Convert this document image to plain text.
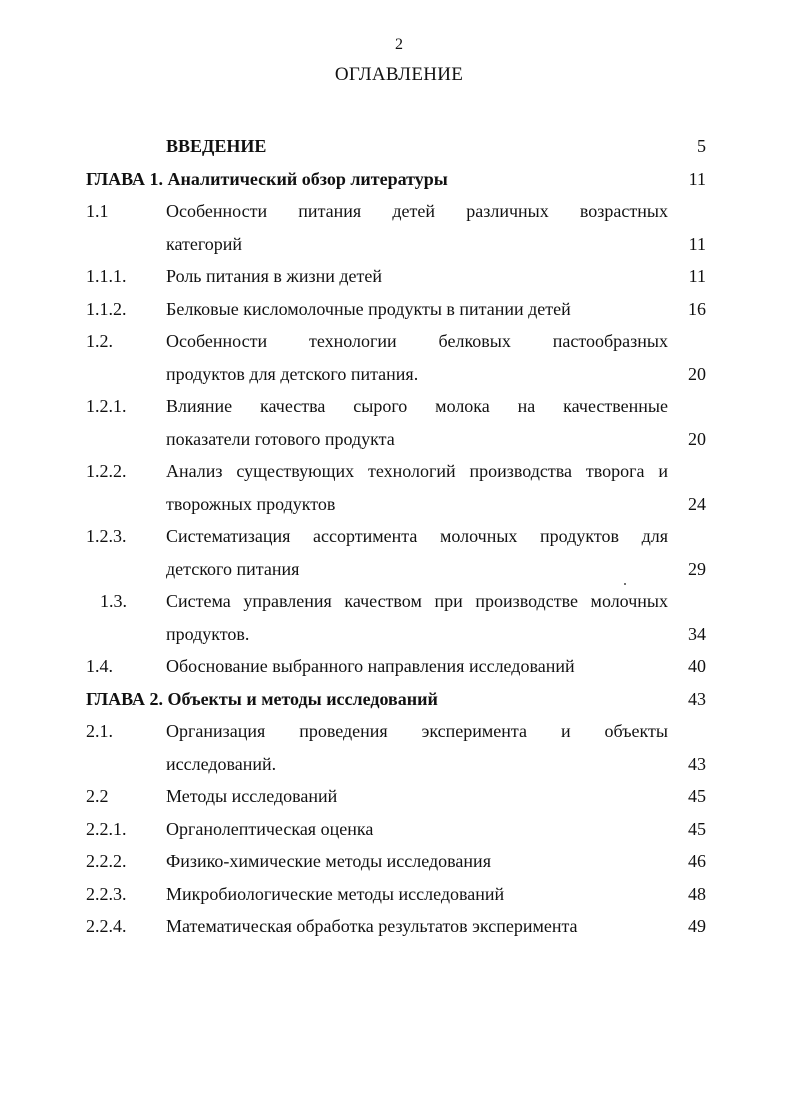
2
ОГЛАВЛЕНИЕ
ВВЕДЕНИЕ	5
ГЛАВА 1. Аналитический обзор литературы	11
1.1	Особенности питания детей различных возрастных
категорий	11
1.1.1.	Роль питания в жизни детей	11
1.1.2.	Белковые кисломолочные продукты в питании детей	16
1.2.	Особенности технологии белковых пастообразных
продуктов для детского питания.	20
1.2.1.	Влияние качества сырого молока на качественные
показатели готового продукта	20
1.2.2.	Анализ существующих технологий производства творога и
творожных продуктов	24
1.2.3.	Систематизация ассортимента молочных продуктов для
детского питания	29
1.3.	Система управления качеством при производстве молочных
продуктов.	34
1.4.	Обоснование выбранного направления исследований	40
ГЛАВА 2. Объекты и методы исследований	43
2.1.	Организация проведения эксперимента и объекты
исследований.	43
2.2	Методы исследований	45
2.2.1.	Органолептическая оценка	45
2.2.2.	Физико-химические методы исследования	46
2.2.3.	Микробиологические методы исследований	48
2.2.4.	Математическая обработка результатов эксперимента	49
